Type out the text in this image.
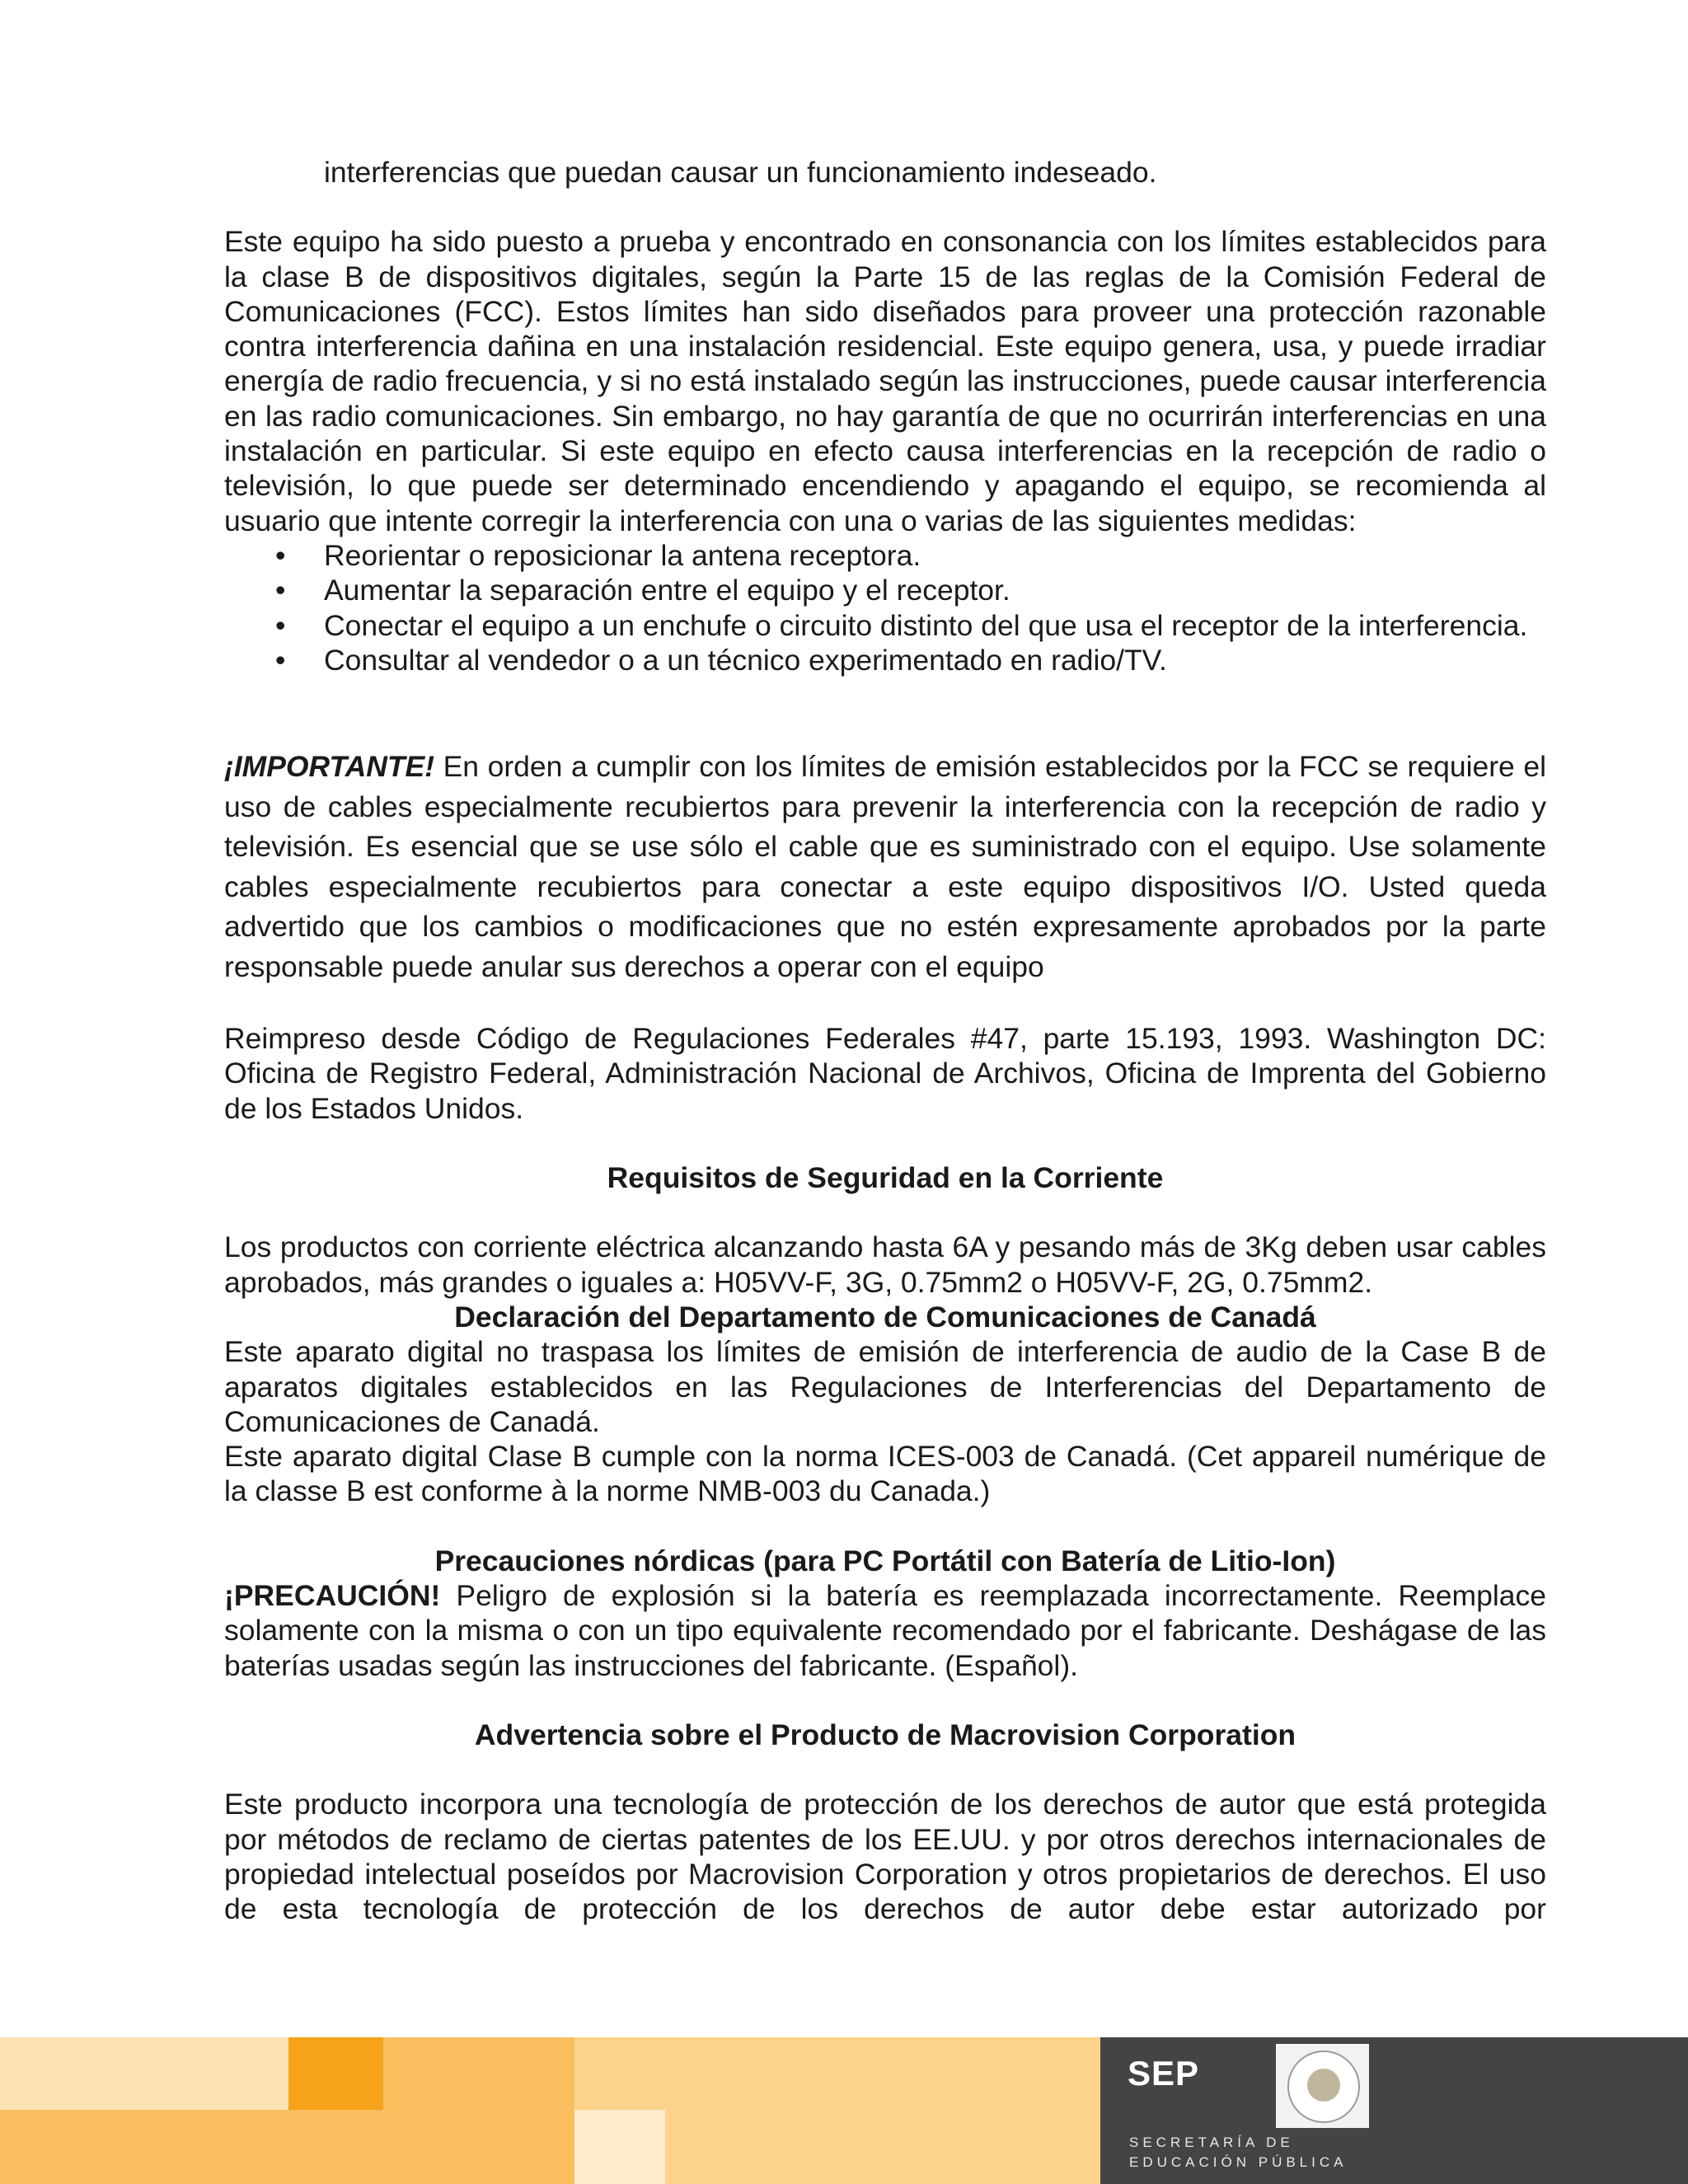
interferencias que puedan causar un funcionamiento indeseado.

Este equipo ha sido puesto a prueba y encontrado en consonancia con los límites establecidos para la clase B de dispositivos digitales, según la Parte 15 de las reglas de la Comisión Federal de Comunicaciones (FCC). Estos límites han sido diseñados para proveer una protección razonable contra interferencia dañina en una instalación residencial. Este equipo genera, usa, y puede irradiar energía de radio frecuencia, y si no está instalado según las instrucciones, puede causar interferencia en las radio comunicaciones. Sin embargo, no hay garantía de que no ocurrirán interferencias en una instalación en particular. Si este equipo en efecto causa interferencias en la recepción de radio o televisión, lo que puede ser determinado encendiendo y apagando el equipo, se recomienda al usuario que intente corregir la interferencia con una o varias de las siguientes medidas:

• Reorientar o reposicionar la antena receptora.
• Aumentar la separación entre el equipo y el receptor.
• Conectar el equipo a un enchufe o circuito distinto del que usa el receptor de la interferencia.
• Consultar al vendedor o a un técnico experimentado en radio/TV.

¡IMPORTANTE! En orden a cumplir con los límites de emisión establecidos por la FCC se requiere el uso de cables especialmente recubiertos para prevenir la interferencia con la recepción de radio y televisión. Es esencial que se use sólo el cable que es suministrado con el equipo. Use solamente cables especialmente recubiertos para conectar a este equipo dispositivos I/O. Usted queda advertido que los cambios o modificaciones que no estén expresamente aprobados por la parte responsable puede anular sus derechos a operar con el equipo

Reimpreso desde Código de Regulaciones Federales #47, parte 15.193, 1993. Washington DC: Oficina de Registro Federal, Administración Nacional de Archivos, Oficina de Imprenta del Gobierno de los Estados Unidos.

Requisitos de Seguridad en la Corriente

Los productos con corriente eléctrica alcanzando hasta 6A y pesando más de 3Kg deben usar cables aprobados, más grandes o iguales a: H05VV-F, 3G, 0.75mm2 o H05VV-F, 2G, 0.75mm2.

Declaración del Departamento de Comunicaciones de Canadá

Este aparato digital no traspasa los límites de emisión de interferencia de audio de la Case B de aparatos digitales establecidos en las Regulaciones de Interferencias del Departamento de Comunicaciones de Canadá.

Este aparato digital Clase B cumple con la norma ICES-003 de Canadá. (Cet appareil numérique de la classe B est conforme à la norme NMB-003 du Canada.)

Precauciones nórdicas (para PC Portátil con Batería de Litio-Ion)

¡PRECAUCIÓN! Peligro de explosión si la batería es reemplazada incorrectamente. Reemplace solamente con la misma o con un tipo equivalente recomendado por el fabricante. Deshágase de las baterías usadas según las instrucciones del fabricante. (Español).

Advertencia sobre el Producto de Macrovision Corporation

Este producto incorpora una tecnología de protección de los derechos de autor que está protegida por métodos de reclamo de ciertas patentes de los EE.UU. y por otros derechos internacionales de propiedad intelectual poseídos por Macrovision Corporation y otros propietarios de derechos. El uso de esta tecnología de protección de los derechos de autor debe estar autorizado por

SEP
SECRETARÍA DE
EDUCACIÓN PÚBLICA
